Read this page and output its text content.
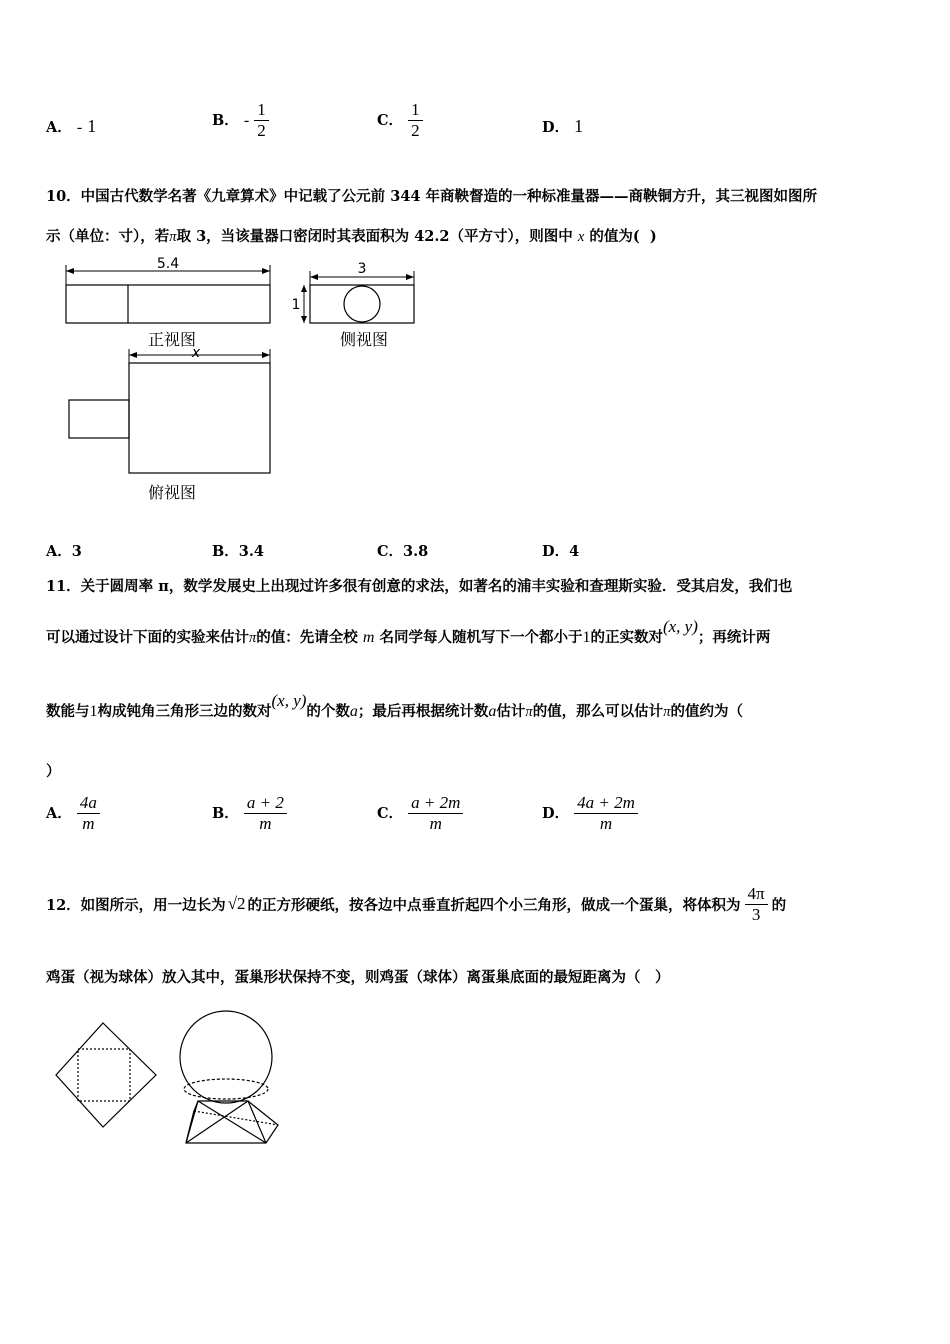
A． - 1	B． - $\frac{1}{2}$	C． $\frac{1}{2}$	D． 1
10．中国古代数学名著《九章算术》中记载了公元前 344 年商鞅督造的一种标准量器——商鞅铜方升，其三视图如图所
示（单位：寸），若π取 3，当该量器口密闭时其表面积为 42.2（平方寸），则图中 x 的值为( )
5.4
正视图
3
1
侧视图
x
俯视图
A．3	B．3.4	C．3.8	D．4
11．关于圆周率 π，数学发展史上出现过许多很有创意的求法，如著名的浦丰实验和查理斯实验．受其启发，我们也
可以通过设计下面的实验来估计π的值：先请全校 m 名同学每人随机写下一个都小于1的正实数对(x, y)；再统计两
数能与1构成钝角三角形三边的数对(x, y)的个数a；最后再根据统计数a估计π的值，那么可以估计π的值约为（
）
A． $\frac{4a}{m}$	B． $\frac{a + 2}{m}$	C． $\frac{a + 2m}{m}$	D． $\frac{4a + 2m}{m}$
12．如图所示，用一边长为 √2 的正方形硬纸，按各边中点垂直折起四个小三角形，做成一个蛋巢，将体积为 $\frac{4\pi}{3}$ 的
鸡蛋（视为球体）放入其中，蛋巢形状保持不变，则鸡蛋（球体）离蛋巢底面的最短距离为（　）
